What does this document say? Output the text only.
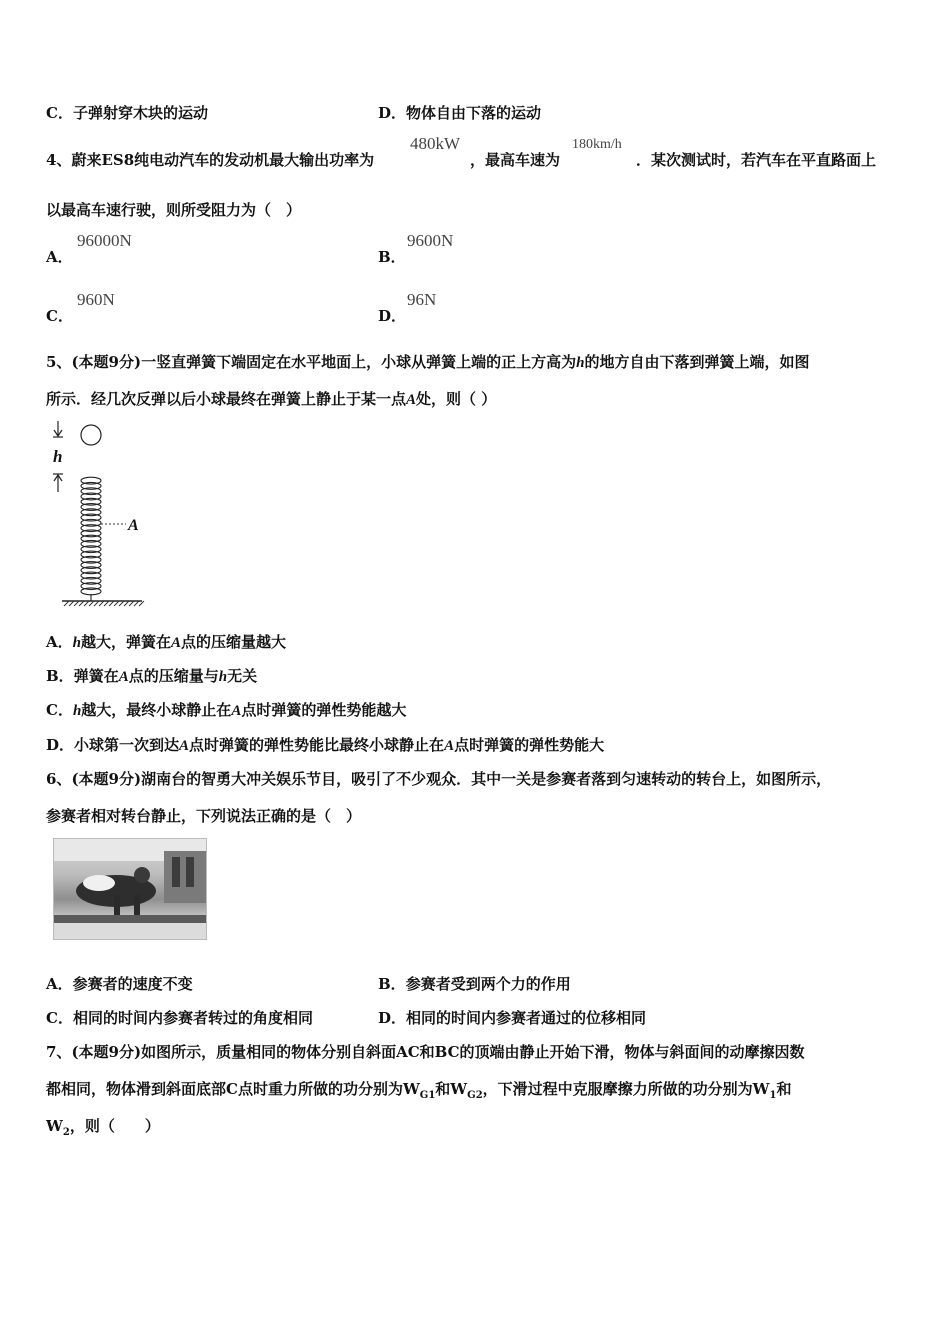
C．子弹射穿木块的运动	D．物体自由下落的运动
4、蔚来ES8纯电动汽车的发动机最大输出功率为
480kW
，最高车速为
180km/h
．某次测试时，若汽车在平直路面上
以最高车速行驶，则所受阻力为（　）
A．
96000N
B．
9600N
C．
960N
D．
96N
5、(本题9分)一竖直弹簧下端固定在水平地面上，小球从弹簧上端的正上方高为h的地方自由下落到弹簧上端，如图
所示．经几次反弹以后小球最终在弹簧上静止于某一点A处，则（ ）
h
A
A．h越大，弹簧在A点的压缩量越大
B．弹簧在A点的压缩量与h无关
C．h越大，最终小球静止在A点时弹簧的弹性势能越大
D．小球第一次到达A点时弹簧的弹性势能比最终小球静止在A点时弹簧的弹性势能大
6、(本题9分)湖南台的智勇大冲关娱乐节目，吸引了不少观众．其中一关是参赛者落到匀速转动的转台上，如图所示，
参赛者相对转台静止，下列说法正确的是（　）
A．参赛者的速度不变	B．参赛者受到两个力的作用
C．相同的时间内参赛者转过的角度相同	D．相同的时间内参赛者通过的位移相同
7、(本题9分)如图所示，质量相同的物体分别自斜面AC和BC的顶端由静止开始下滑，物体与斜面间的动摩擦因数
都相同，物体滑到斜面底部C点时重力所做的功分别为$W_{G1}$和$W_{G2}$，下滑过程中克服摩擦力所做的功分别为$W_1$和
$W_2$，则（　　）
